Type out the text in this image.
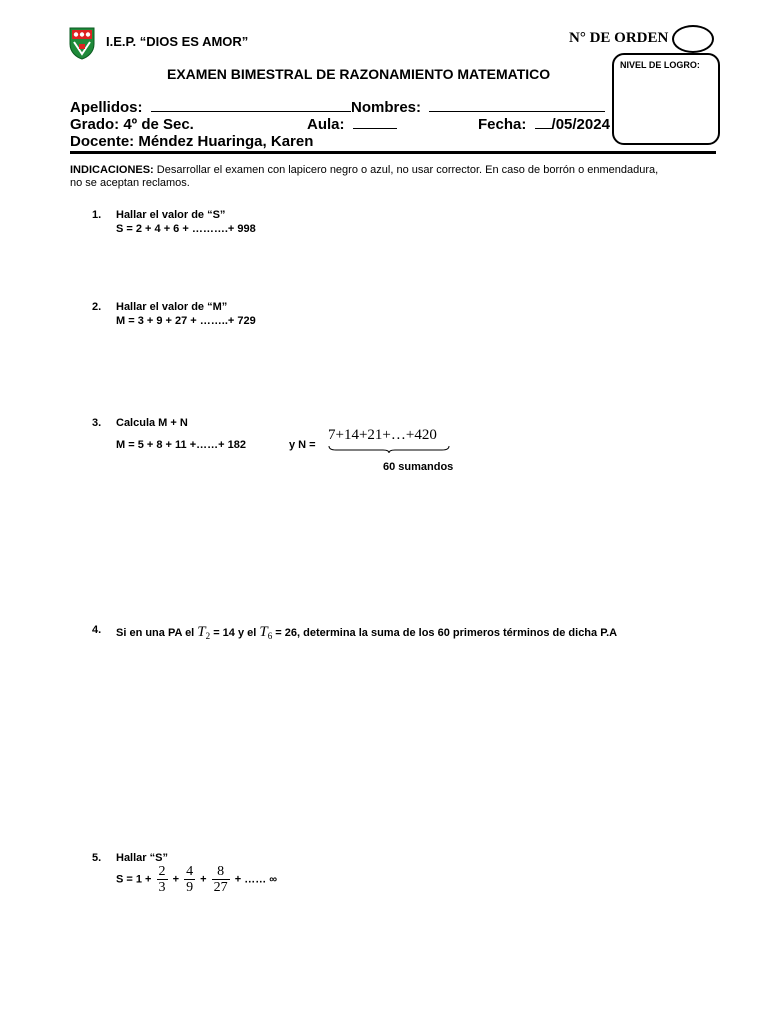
I.E.P. “DIOS ES AMOR”	N° DE ORDEN
NIVEL DE LOGRO:
EXAMEN BIMESTRAL DE RAZONAMIENTO MATEMATICO
Apellidos:	Nombres:
Grado: 4º de Sec.	Aula:	Fecha: /05/2024
Docente: Méndez Huaringa, Karen
INDICACIONES: Desarrollar el examen con lapicero negro o azul, no usar corrector. En caso de borrón o enmendadura,
no se aceptan reclamos.
1. Hallar el valor de “S”
S = 2 + 4 + 6 + ……….+ 998
2. Hallar el valor de “M”
M = 3 + 9 + 27 + ……..+ 729
3. Calcula M + N
M = 5 + 8 + 11 +……+ 182	y N =
7+14+21+…+420
60 sumandos
4. Si en una PA el $T_2 = 14$ y el $T_6 = 26$, determina la suma de los 60 primeros términos de dicha P.A
5. Hallar “S”
$S = 1 + \frac{2}{3} + \frac{4}{9} + \frac{8}{27}$ + …… ∞
